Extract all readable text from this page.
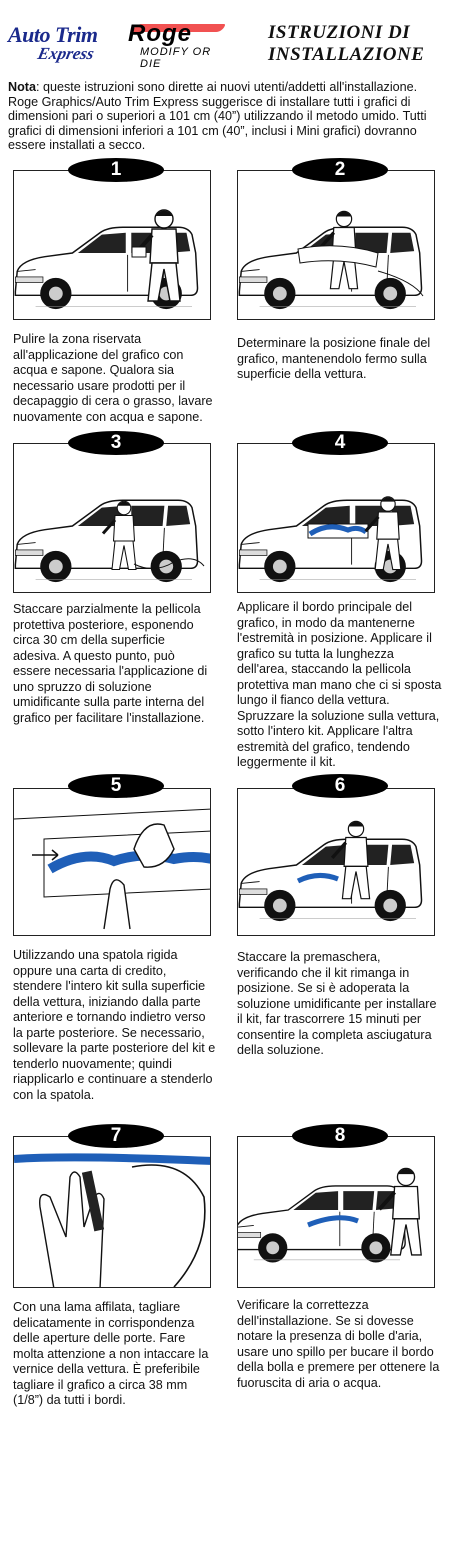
Auto Trim
Express
Roge
MODIFY OR DIE
ISTRUZIONI DI
INSTALLAZIONE
Nota: queste istruzioni sono dirette ai nuovi utenti/addetti all'installazione. Roge Graphics/Auto Trim Express suggerisce di installare tutti i grafici di dimensioni pari o superiori a 101 cm (40”) utilizzando il metodo umido. Tutti grafici di dimensioni inferiori a 101 cm (40”, inclusi i Mini grafici) dovranno essere installati a secco.
1
Pulire la zona riservata all'applicazione del grafico con acqua e sapone. Qualora sia necessario usare prodotti per il decapaggio di cera o grasso, lavare nuovamente con acqua e sapone.
2
Determinare la posizione finale del grafico, mantenendolo fermo sulla superficie della vettura.
3
Staccare parzialmente la pellicola protettiva posteriore, esponendo circa 30 cm della superficie adesiva. A questo punto, può essere necessaria l'applicazione di uno spruzzo di soluzione umidificante sulla parte interna del grafico per facilitare l'installazione.
4
Applicare il bordo principale del grafico, in modo da mantenerne l'estremità in posizione. Applicare il grafico su tutta la lunghezza dell'area, staccando la pellicola protettiva man mano che ci si sposta lungo il fianco della vettura. Spruzzare la soluzione sulla vettura, sotto l'intero kit. Applicare l'altra estremità del grafico, tendendo leggermente il kit.
5
Utilizzando una spatola rigida oppure una carta di credito, stendere l'intero kit sulla superficie della vettura, iniziando dalla parte anteriore e tornando indietro verso la parte posteriore. Se necessario, sollevare la parte posteriore del kit e tenderlo nuovamente; quindi riapplicarlo e continuare a stenderlo con la spatola.
6
Staccare la premaschera, verificando che il kit rimanga in posizione. Se si è adoperata la soluzione umidificante per installare il kit, far trascorrere 15 minuti per consentire la completa asciugatura della soluzione.
7
Con una lama affilata, tagliare delicatamente in corrispondenza delle aperture delle porte. Fare molta attenzione a non intaccare la vernice della vettura. È preferibile tagliare il grafico a circa 38 mm (1/8”) da tutti i bordi.
8
Verificare la correttezza dell'installazione. Se si dovesse notare la presenza di bolle d'aria, usare uno spillo per bucare il bordo della bolla e premere per ottenere la fuoruscita di aria o acqua.
